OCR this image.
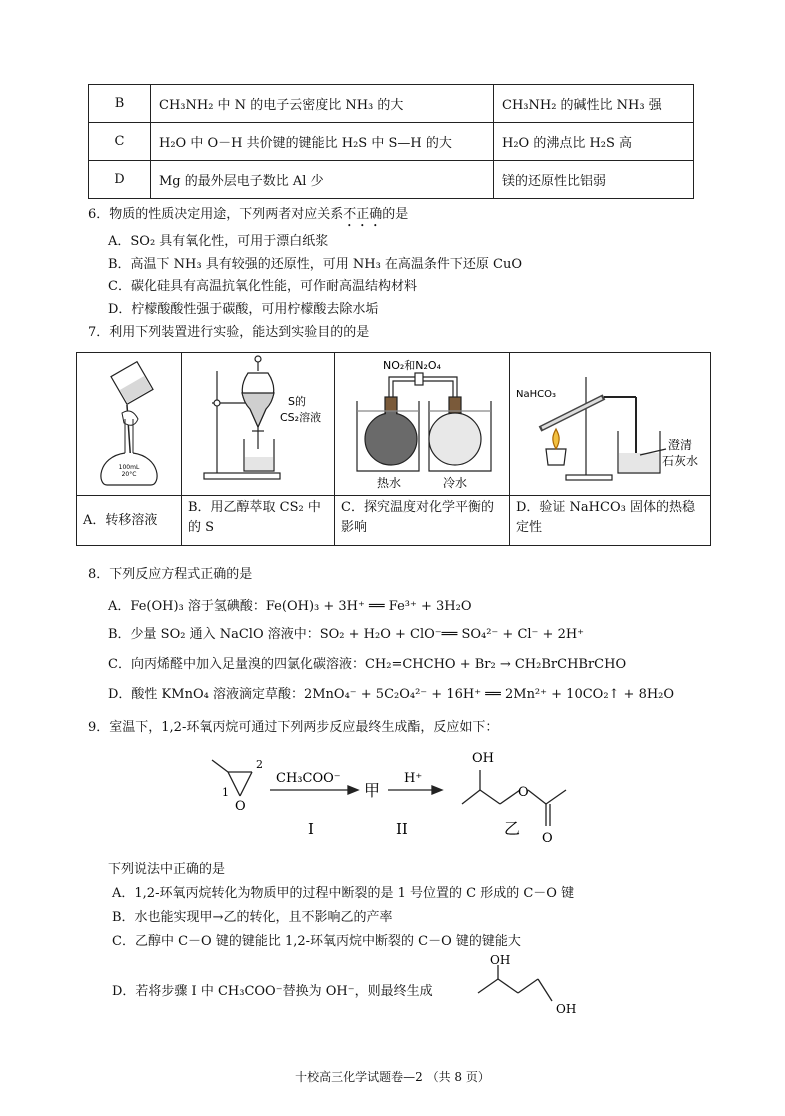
B	CH₃NH₂ 中 N 的电子云密度比 NH₃ 的大	CH₃NH₂ 的碱性比 NH₃ 强
C	H₂O 中 O－H 共价键的键能比 H₂S 中 S—H 的大	H₂O 的沸点比 H₂S 高
D	Mg 的最外层电子数比 Al 少	镁的还原性比铝弱
6．物质的性质决定用途，下列两者对应关系不正确的是
A．SO₂ 具有氧化性，可用于漂白纸浆
B．高温下 NH₃ 具有较强的还原性，可用 NH₃ 在高温条件下还原 CuO
C．碳化硅具有高温抗氧化性能，可作耐高温结构材料
D．柠檬酸酸性强于碳酸，可用柠檬酸去除水垢
7．利用下列装置进行实验，能达到实验目的的是
100mL
20°C	S的
CS₂溶液	NO₂和N₂O₄
热水 冷水	NaHCO₃
澄清
石灰水

A．转移溶液	B．用乙醇萃取 CS₂ 中的 S	C．探究温度对化学平衡的影响	D．验证 NaHCO₃ 固体的热稳定性
8．下列反应方程式正确的是
A．Fe(OH)₃ 溶于氢碘酸：Fe(OH)₃ + 3H⁺ ══ Fe³⁺ + 3H₂O
B．少量 SO₂ 通入 NaClO 溶液中：SO₂ + H₂O + ClO⁻══ SO₄²⁻ + Cl⁻ + 2H⁺
C．向丙烯醛中加入足量溴的四氯化碳溶液：CH₂=CHCHO + Br₂ → CH₂BrCHBrCHO
D．酸性 KMnO₄ 溶液滴定草酸：2MnO₄⁻ + 5C₂O₄²⁻ + 16H⁺ ══ 2Mn²⁺ + 10CO₂↑ + 8H₂O
9．室温下，1,2-环氧丙烷可通过下列两步反应最终生成酯，反应如下：
1
2
O
CH₃COO⁻
甲
H⁺
I	II
OH
O
O
乙
下列说法中正确的是
A．1,2-环氧丙烷转化为物质甲的过程中断裂的是 1 号位置的 C 形成的 C－O 键
B．水也能实现甲→乙的转化，且不影响乙的产率
C．乙醇中 C－O 键的键能比 1,2-环氧丙烷中断裂的 C－O 键的键能大
D．若将步骤 I 中 CH₃COO⁻替换为 OH⁻，则最终生成
OH
OH
十校高三化学试题卷—2 （共 8 页）
